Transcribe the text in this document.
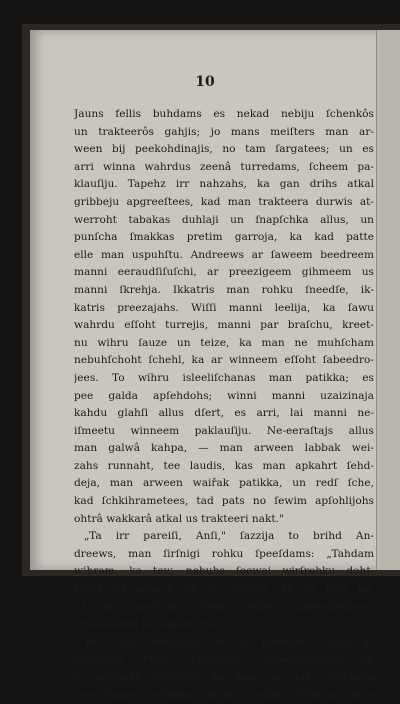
10
Jauns fellis buhdams es nekad nebiju ſchenkôs
un trakteerôs gahjis; jo mans meiſters man ar-
ween bij peekohdinajis, no tam ſargatees; un es
arri winna wahrdus zeenâ turredams, ſcheem pa-
klauſiju. Tapehz irr nahzahs, ka gan drihs atkal
gribbeju apgreeſtees, kad man trakteera durwis at-
werroht tabakas duhlaji un ſnapſchka allus, un
punſcha ſmakkas pretim garroja, ka kad patte
elle man uspuhſtu. Andreews ar ſaweem beedreem
manni eeraudſiſuſchi, ar preezigeem gihmeem us
manni ſkrehja. Ikkatris man rohku ſneedſe, ik-
katris preezajahs. Wiſſi manni leelija, ka ſawu
wahrdu eſſoht turrejis, manni par braſchu, kreet-
nu wihru ſauze un teize, ka man ne muhſcham
nebuhſchoht ſchehl, ka ar winneem eſſoht ſabeedro-
jees. To wihru isleeliſchanas man patikka; es
pee galda apſehdohs; winni manni uzaizinaja
kahdu glahſi allus dſert, es arri, lai manni ne-
iſmeetu winneem paklauſiju. Ne-eeraſtajs allus
man galwâ kahpa, — man arween labbak wei-
zahs runnaht, tee laudis, kas man apkahrt ſehd-
deja, man arween waiřak patikka, un redſ ſche,
kad ſchkihrametees, tad pats no ſewim apſohlijohs
ohtrâ wakkarâ atkal us trakteeri nakt."
„Ta irr pareiſi, Anſi," ſazzija to brihd An-
dreews, man ſirſnigi rohku ſpeeſdams: „Tahdam
wihram, ka tew, nebuhs ſeewai wirſrohku doht.
Nahz tik allaſch un tu redſeſi, ka tu ihſâ lai-
kâ par pawiſſam zittadu wihru pahrwehrſiſees,
ne kâ kahds tu taggad eſſi."
Tee zitti ſmehjahs, irr es ſmehjohs, lihdſ ar
winneem. Mehs johkodami atwaddijamees, un
es newarru leegtees, ka man jau tahs wakkara
ſaeeſchanas eeſahka mihlas palikt. Stundas man
